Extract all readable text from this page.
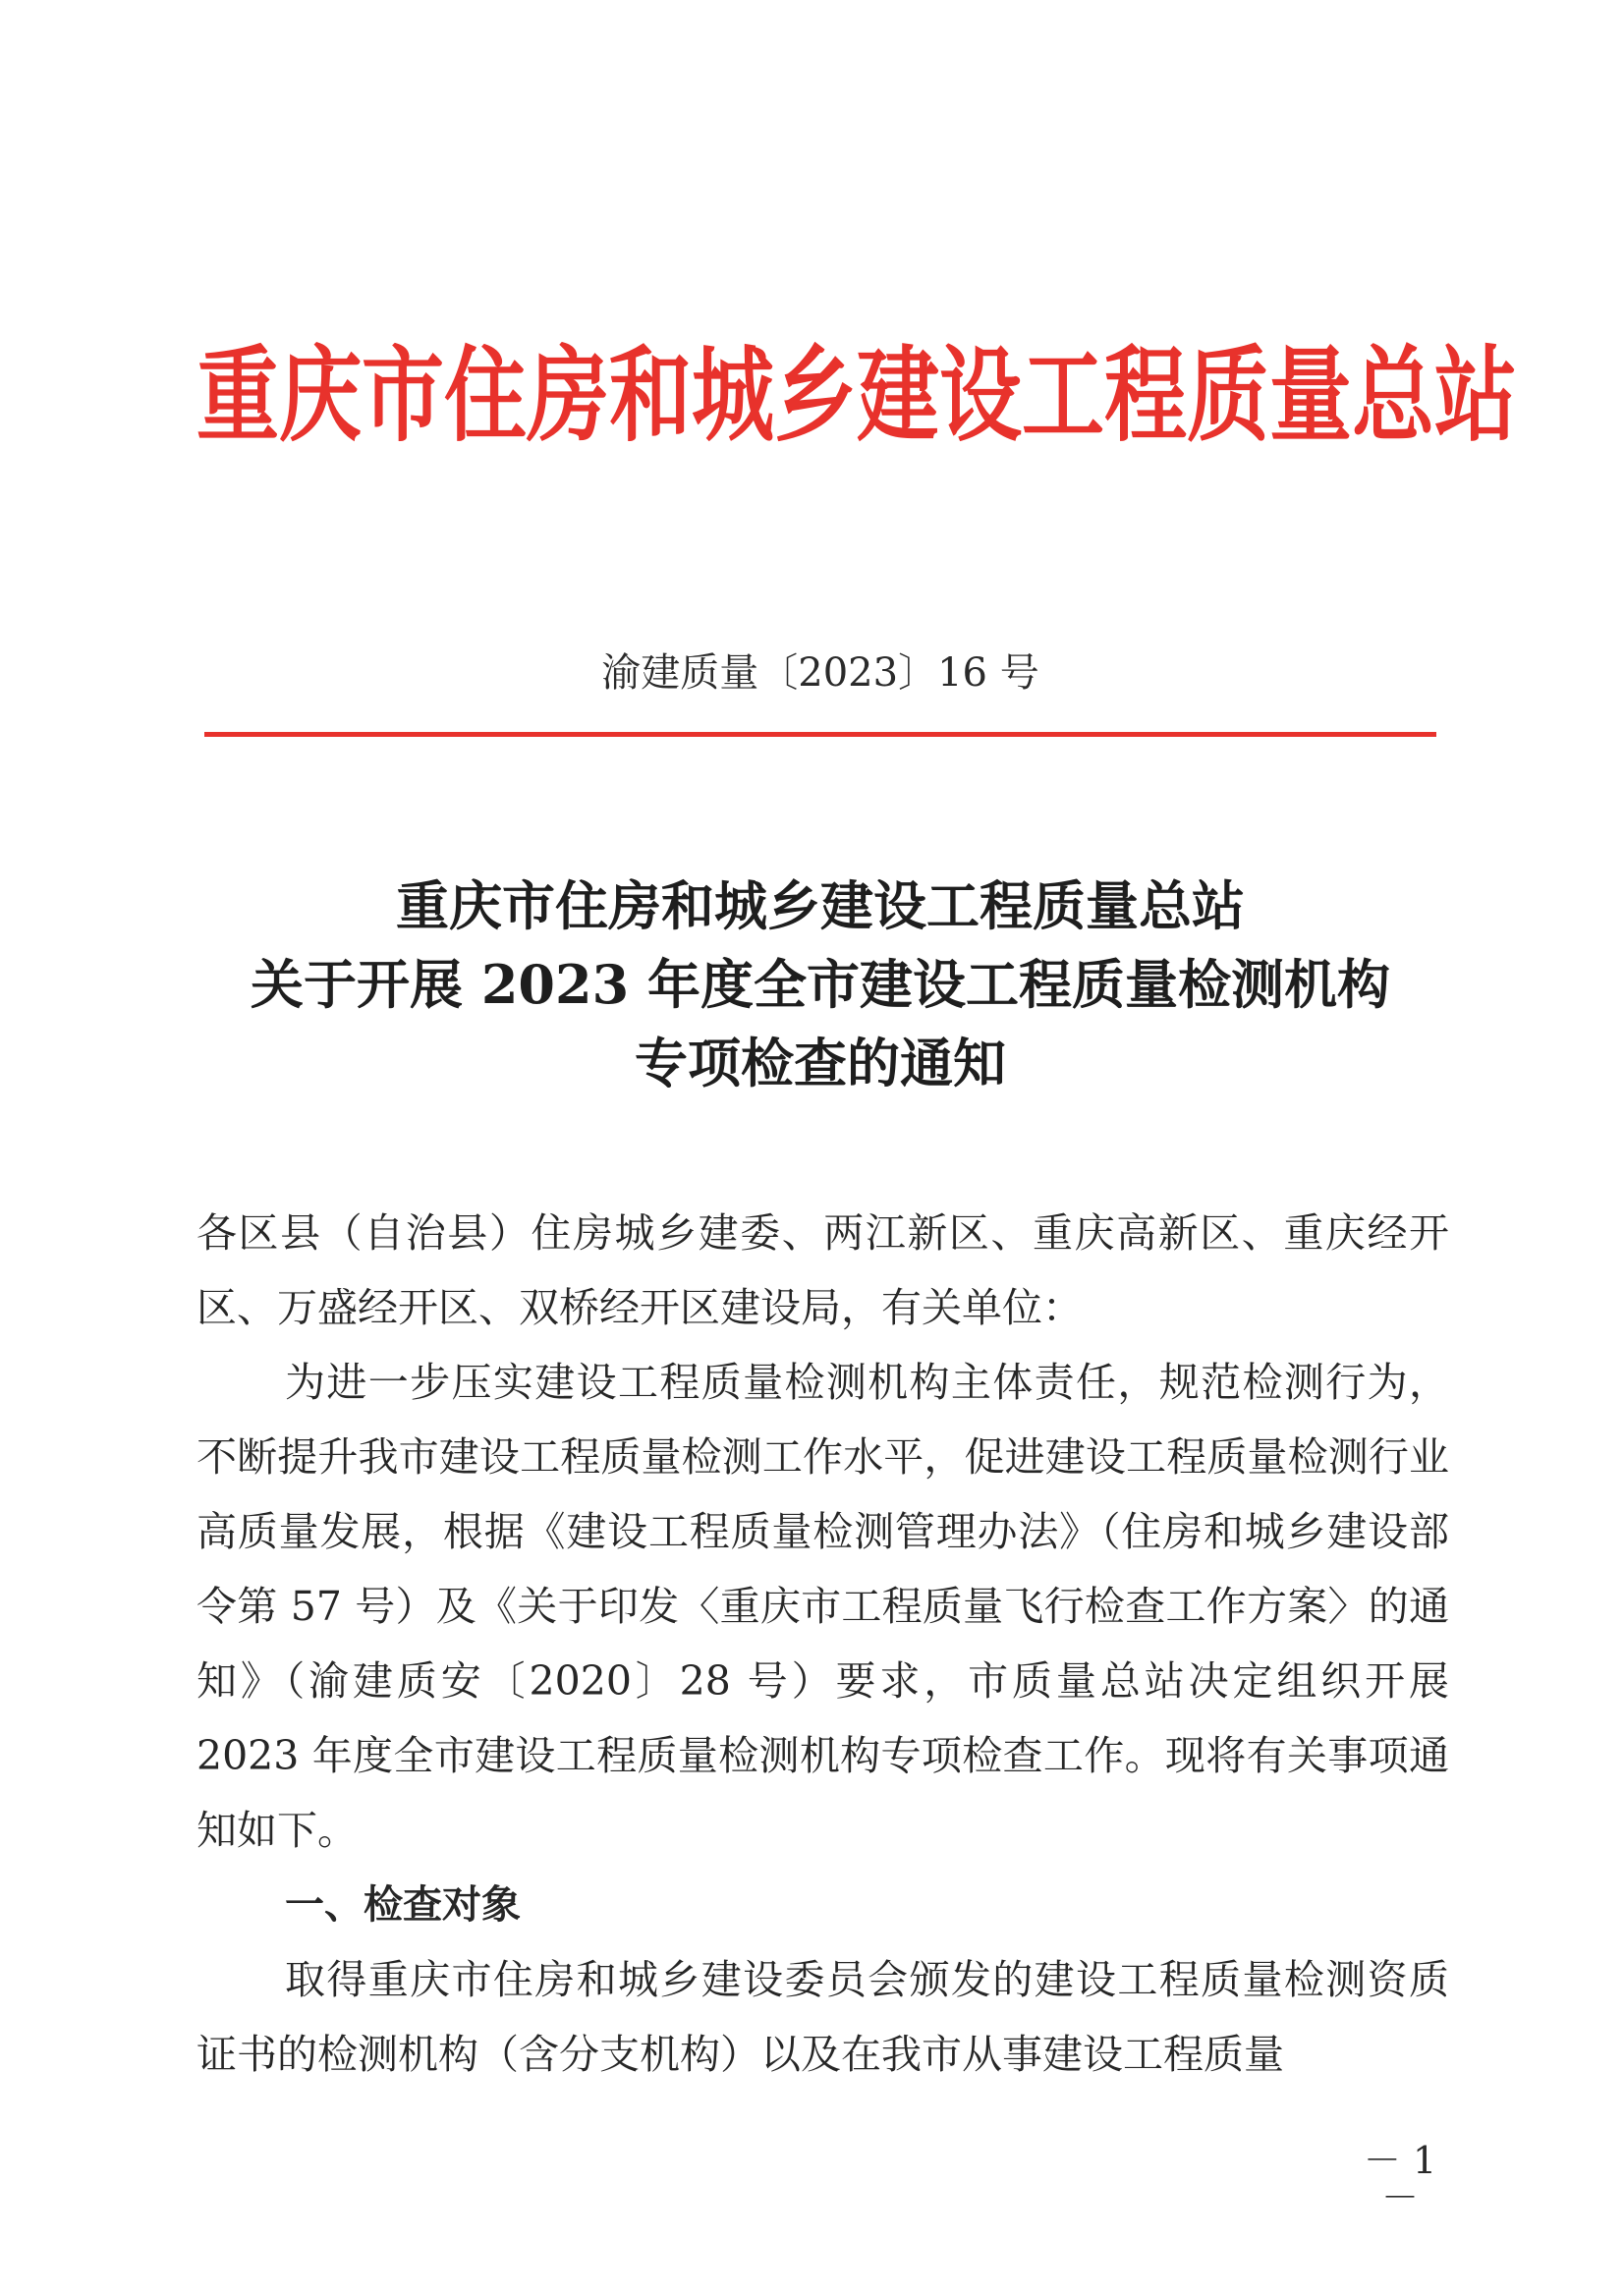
重庆市住房和城乡建设工程质量总站
渝建质量〔2023〕16 号
重庆市住房和城乡建设工程质量总站
关于开展 2023 年度全市建设工程质量检测机构
专项检查的通知

各区县（自治县）住房城乡建委、两江新区、重庆高新区、重庆经开区、万盛经开区、双桥经开区建设局，有关单位：

为进一步压实建设工程质量检测机构主体责任，规范检测行为，不断提升我市建设工程质量检测工作水平，促进建设工程质量检测行业高质量发展，根据《建设工程质量检测管理办法》（住房和城乡建设部令第 57 号）及《关于印发〈重庆市工程质量飞行检查工作方案〉的通知》（渝建质安〔2020〕28 号）要求，市质量总站决定组织开展 2023 年度全市建设工程质量检测机构专项检查工作。现将有关事项通知如下。

一、检查对象

取得重庆市住房和城乡建设委员会颁发的建设工程质量检测资质证书的检测机构（含分支机构）以及在我市从事建设工程质量

－ 1 －
